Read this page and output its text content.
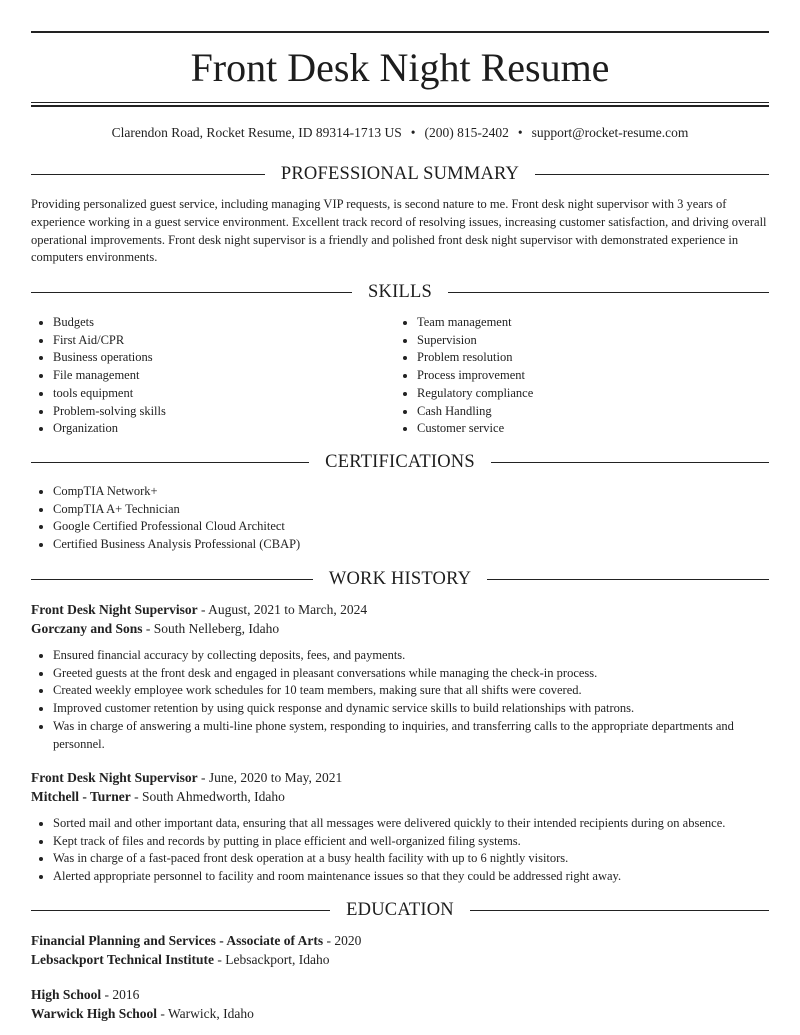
Front Desk Night Resume
Clarendon Road, Rocket Resume, ID 89314-1713 US • (200) 815-2402 • support@rocket-resume.com
PROFESSIONAL SUMMARY
Providing personalized guest service, including managing VIP requests, is second nature to me. Front desk night supervisor with 3 years of experience working in a guest service environment. Excellent track record of resolving issues, increasing customer satisfaction, and driving overall operational improvements. Front desk night supervisor is a friendly and polished front desk night supervisor with demonstrated experience in computers environments.
SKILLS
• Budgets
• First Aid/CPR
• Business operations
• File management
• tools equipment
• Problem-solving skills
• Organization
• Team management
• Supervision
• Problem resolution
• Process improvement
• Regulatory compliance
• Cash Handling
• Customer service
CERTIFICATIONS
• CompTIA Network+
• CompTIA A+ Technician
• Google Certified Professional Cloud Architect
• Certified Business Analysis Professional (CBAP)
WORK HISTORY
Front Desk Night Supervisor - August, 2021 to March, 2024
Gorczany and Sons - South Nelleberg, Idaho
• Ensured financial accuracy by collecting deposits, fees, and payments.
• Greeted guests at the front desk and engaged in pleasant conversations while managing the check-in process.
• Created weekly employee work schedules for 10 team members, making sure that all shifts were covered.
• Improved customer retention by using quick response and dynamic service skills to build relationships with patrons.
• Was in charge of answering a multi-line phone system, responding to inquiries, and transferring calls to the appropriate departments and personnel.
Front Desk Night Supervisor - June, 2020 to May, 2021
Mitchell - Turner - South Ahmedworth, Idaho
• Sorted mail and other important data, ensuring that all messages were delivered quickly to their intended recipients during on absence.
• Kept track of files and records by putting in place efficient and well-organized filing systems.
• Was in charge of a fast-paced front desk operation at a busy health facility with up to 6 nightly visitors.
• Alerted appropriate personnel to facility and room maintenance issues so that they could be addressed right away.
EDUCATION
Financial Planning and Services - Associate of Arts - 2020
Lebsackport Technical Institute - Lebsackport, Idaho
High School - 2016
Warwick High School - Warwick, Idaho
